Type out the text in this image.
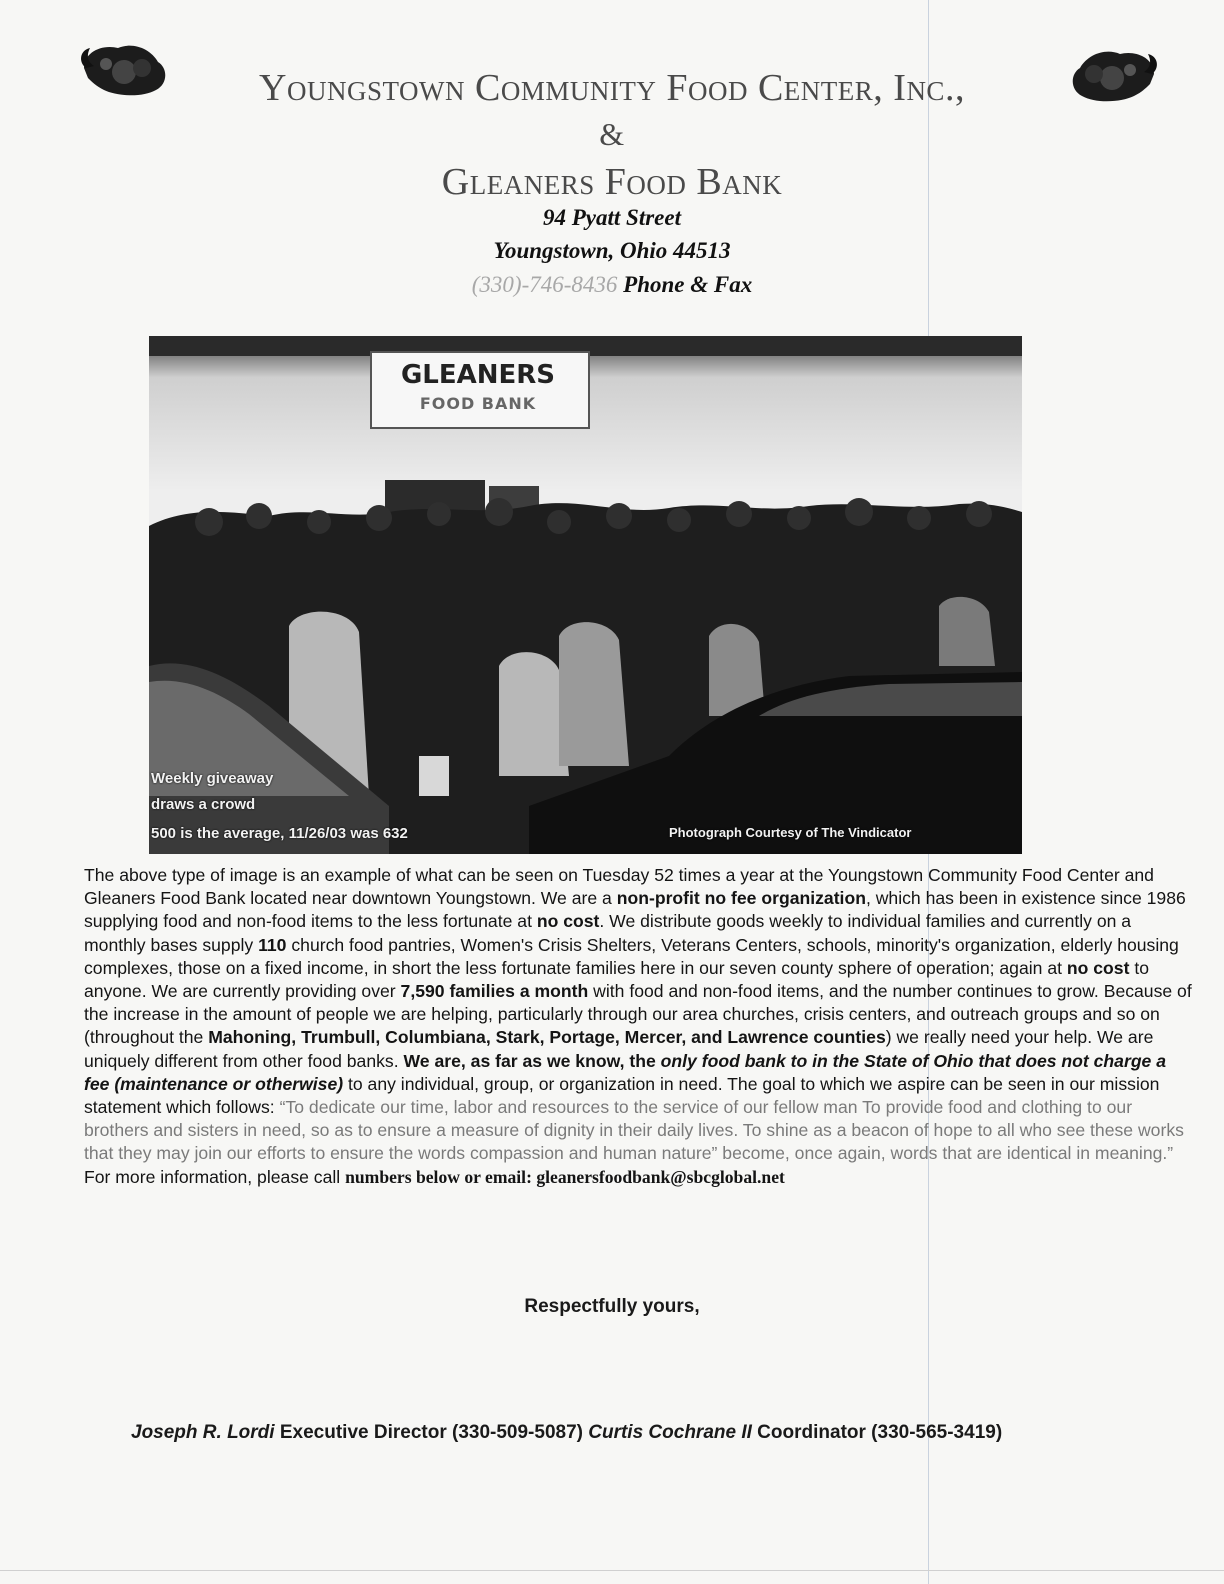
Youngstown Community Food Center, Inc.,
&
Gleaners Food Bank
94 Pyatt Street
Youngstown, Ohio 44513
(330)-746-8436 Phone & Fax
GLEANERS
FOOD BANK
Weekly giveaway
draws a crowd
500 is the average, 11/26/03 was 632	Photograph Courtesy of The Vindicator
The above type of image is an example of what can be seen on Tuesday 52 times a year at the Youngstown Community Food Center and Gleaners Food Bank located near downtown Youngstown. We are a non-profit no fee organization, which has been in existence since 1986 supplying food and non-food items to the less fortunate at no cost. We distribute goods weekly to individual families and currently on a monthly bases supply 110 church food pantries, Women's Crisis Shelters, Veterans Centers, schools, minority's organization, elderly housing complexes, those on a fixed income, in short the less fortunate families here in our seven county sphere of operation; again at no cost to anyone. We are currently providing over 7,590 families a month with food and non-food items, and the number continues to grow. Because of the increase in the amount of people we are helping, particularly through our area churches, crisis centers, and outreach groups and so on (throughout the Mahoning, Trumbull, Columbiana, Stark, Portage, Mercer, and Lawrence counties) we really need your help. We are uniquely different from other food banks. We are, as far as we know, the only food bank to in the State of Ohio that does not charge a fee (maintenance or otherwise) to any individual, group, or organization in need. The goal to which we aspire can be seen in our mission statement which follows: “To dedicate our time, labor and resources to the service of our fellow man To provide food and clothing to our brothers and sisters in need, so as to ensure a measure of dignity in their daily lives. To shine as a beacon of hope to all who see these works that they may join our efforts to ensure the words compassion and human nature” become, once again, words that are identical in meaning.” For more information, please call numbers below or email: gleanersfoodbank@sbcglobal.net
Respectfully yours,
Joseph R. Lordi Executive Director (330-509-5087) Curtis Cochrane II Coordinator (330-565-3419)
